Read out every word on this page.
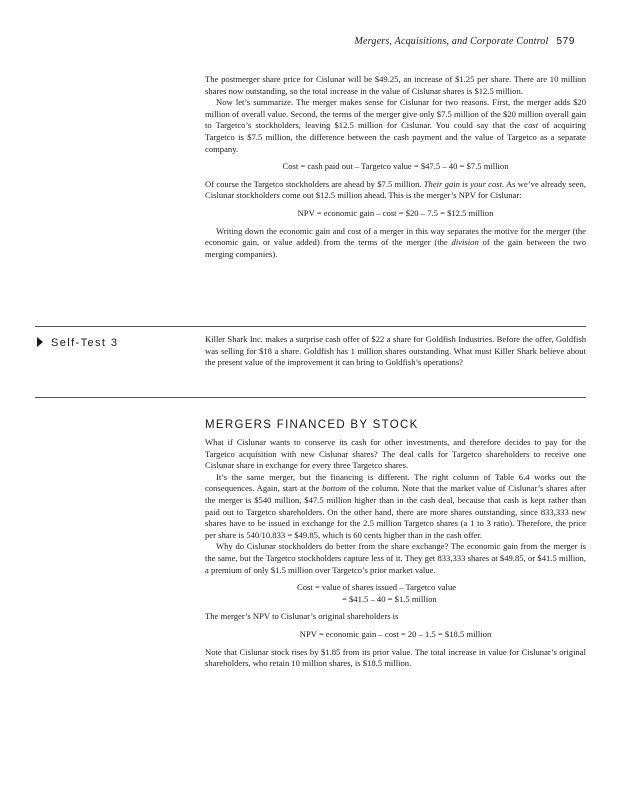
Mergers, Acquisitions, and Corporate Control 579

The postmerger share price for Cislunar will be $49.25, an increase of $1.25 per share. There are 10 million shares now outstanding, so the total increase in the value of Cislunar shares is $12.5 million.

Now let’s summarize. The merger makes sense for Cislunar for two reasons. First, the merger adds $20 million of overall value. Second, the terms of the merger give only $7.5 million of the $20 million overall gain to Targetco’s stockholders, leaving $12.5 million for Cislunar. You could say that the cost of acquiring Targetco is $7.5 million, the difference between the cash payment and the value of Targetco as a separate company.

Cost = cash paid out – Targetco value = $47.5 – 40 = $7.5 million

Of course the Targetco stockholders are ahead by $7.5 million. Their gain is your cost. As we’ve already seen, Cislunar stockholders come out $12.5 million ahead. This is the merger’s NPV for Cislunar:

NPV = economic gain – cost = $20 – 7.5 = $12.5 million

Writing down the economic gain and cost of a merger in this way separates the motive for the merger (the economic gain, or value added) from the terms of the merger (the division of the gain between the two merging companies).

Self-Test 3	Killer Shark Inc. makes a surprise cash offer of $22 a share for Goldfish Industries. Before the offer, Goldfish was selling for $18 a share. Goldfish has 1 million shares outstanding. What must Killer Shark believe about the present value of the improvement it can bring to Goldfish’s operations?

MERGERS FINANCED BY STOCK

What if Cislunar wants to conserve its cash for other investments, and therefore decides to pay for the Targetco acquisition with new Cislunar shares? The deal calls for Targetco shareholders to receive one Cislunar share in exchange for every three Targetco shares.

It’s the same merger, but the financing is different. The right column of Table 6.4 works out the consequences. Again, start at the bottom of the column. Note that the market value of Cislunar’s shares after the merger is $540 million, $47.5 million higher than in the cash deal, because that cash is kept rather than paid out to Targetco shareholders. On the other hand, there are more shares outstanding, since 833,333 new shares have to be issued in exchange for the 2.5 million Targetco shares (a 1 to 3 ratio). Therefore, the price per share is 540/10.833 = $49.85, which is 60 cents higher than in the cash offer.

Why do Cislunar stockholders do better from the share exchange? The economic gain from the merger is the same, but the Targetco stockholders capture less of it. They get 833,333 shares at $49.85, or $41.5 million, a premium of only $1.5 million over Targetco’s prior market value.

Cost = value of shares issued – Targetco value

= $41.5 – 40 = $1.5 million

The merger’s NPV to Cislunar’s original shareholders is

NPV = economic gain – cost = 20 – 1.5 = $18.5 million

Note that Cislunar stock rises by $1.85 from its prior value. The total increase in value for Cislunar’s original shareholders, who retain 10 million shares, is $18.5 million.
